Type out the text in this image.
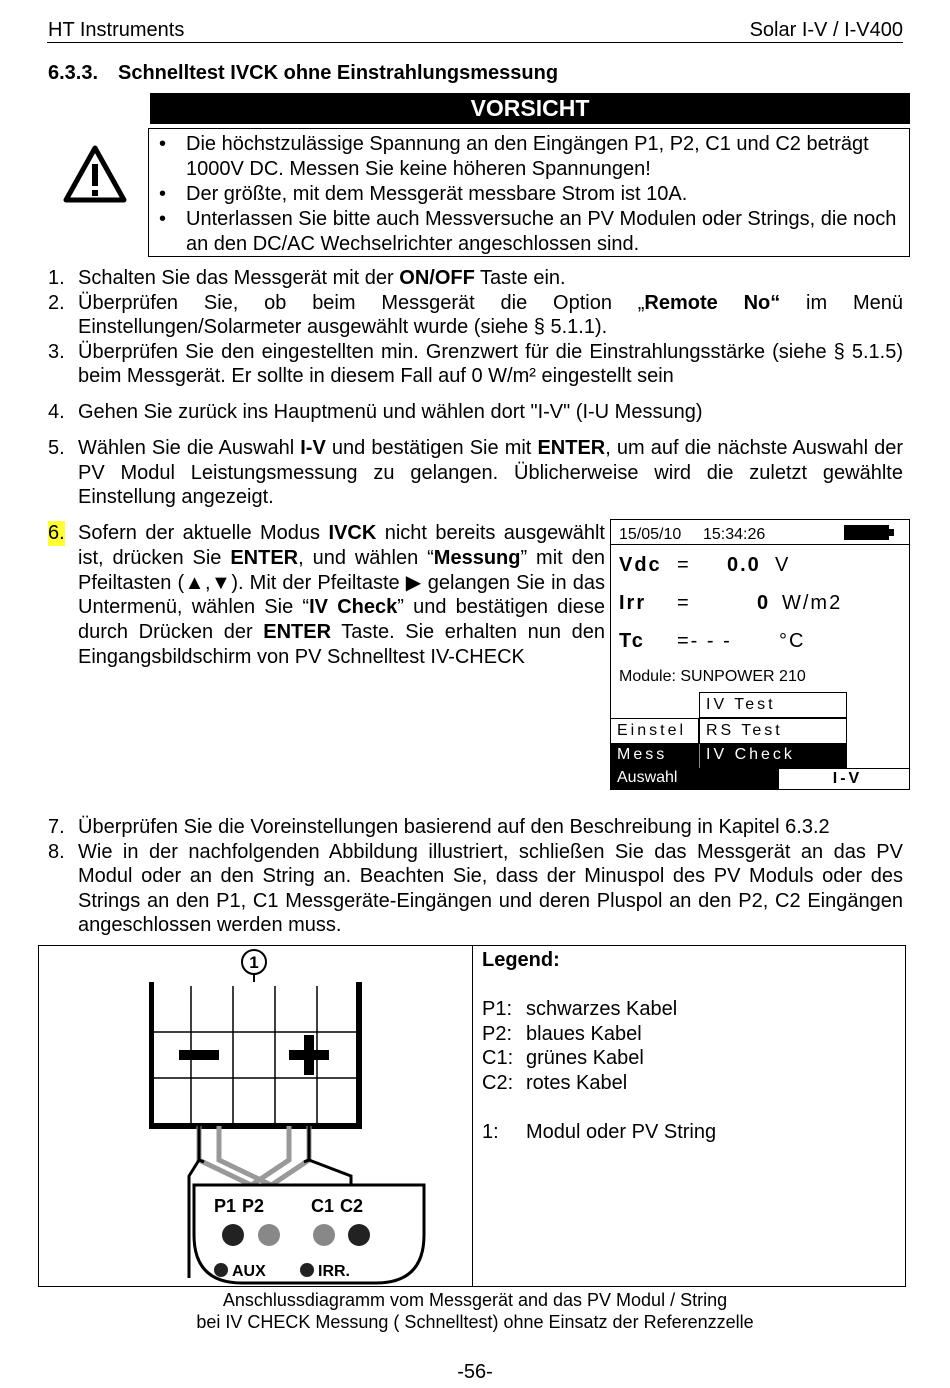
HT Instruments	Solar I-V / I-V400
6.3.3. Schnelltest IVCK ohne Einstrahlungsmessung
VORSICHT
• Die höchstzulässige Spannung an den Eingängen P1, P2, C1 und C2 beträgt 1000V DC. Messen Sie keine höheren Spannungen!
• Der größte, mit dem Messgerät messbare Strom ist 10A.
• Unterlassen Sie bitte auch Messversuche an PV Modulen oder Strings, die noch an den DC/AC Wechselrichter angeschlossen sind.
1. Schalten Sie das Messgerät mit der ON/OFF Taste ein.
2. Überprüfen Sie, ob beim Messgerät die Option „Remote No“ im Menü Einstellungen/Solarmeter ausgewählt wurde (siehe § 5.1.1).
3. Überprüfen Sie den eingestellten min. Grenzwert für die Einstrahlungsstärke (siehe § 5.1.5) beim Messgerät. Er sollte in diesem Fall auf 0 W/m² eingestellt sein
4. Gehen Sie zurück ins Hauptmenü und wählen dort "I-V" (I-U Messung)
5. Wählen Sie die Auswahl I-V und bestätigen Sie mit ENTER, um auf die nächste Auswahl der PV Modul Leistungsmessung zu gelangen. Üblicherweise wird die zuletzt gewählte Einstellung angezeigt.
6. Sofern der aktuelle Modus IVCK nicht bereits ausgewählt ist, drücken Sie ENTER, und wählen “Messung” mit den Pfeiltasten (▲,▼). Mit der Pfeiltaste ▶ gelangen Sie in das Untermenü, wählen Sie “IV Check” und bestätigen diese durch Drücken der ENTER Taste. Sie erhalten nun den Eingangsbildschirm von PV Schnelltest IV-CHECK
15/05/10 15:34:26
Vdc = 0.0 V
Irr =	0 W/m2
Tc =- - - °C
Module: SUNPOWER 210
IV Test
Einstel	RS Test
Mess	IV Check
Auswahl	I-V
7. Überprüfen Sie die Voreinstellungen basierend auf den Beschreibung in Kapitel 6.3.2
8. Wie in der nachfolgenden Abbildung illustriert, schließen Sie das Messgerät an das PV Modul oder an den String an. Beachten Sie, dass der Minuspol des PV Moduls oder des Strings an den P1, C1 Messgeräte-Eingängen und deren Pluspol an den P2, C2 Eingängen angeschlossen werden muss.
1
P1 P2	C1 C2
AUX	IRR.
Legend:
P1: schwarzes Kabel
P2: blaues Kabel
C1: grünes Kabel
C2: rotes Kabel
1: Modul oder PV String
Anschlussdiagramm vom Messgerät and das PV Modul / String
bei IV CHECK Messung ( Schnelltest) ohne Einsatz der Referenzzelle
-56-
